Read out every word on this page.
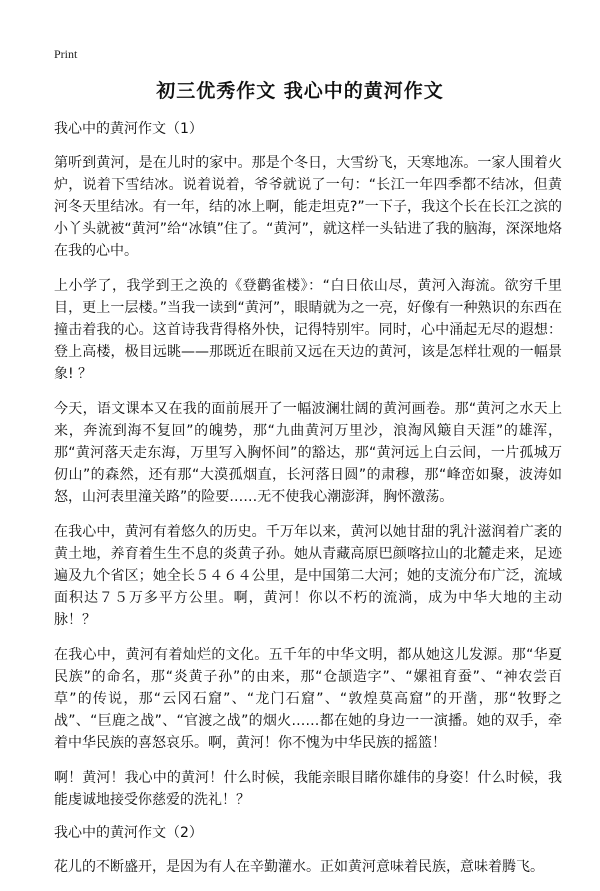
Print
初三优秀作文 我心中的黄河作文

我心中的黄河作文（1）

第听到黄河，是在儿时的家中。那是个冬日，大雪纷飞，天寒地冻。一家人围着火炉，说着下雪结冰。说着说着，爷爷就说了一句：“长江一年四季都不结冰，但黄河冬天里结冰。有一年，结的冰上啊，能走坦克?”一下子，我这个长在长江之滨的小丫头就被“黄河”给“冰镇”住了。“黄河”，就这样一头钻进了我的脑海，深深地烙在我的心中。

上小学了，我学到王之涣的《登鹳雀楼》：“白日依山尽，黄河入海流。欲穷千里目，更上一层楼。”当我一读到“黄河”，眼睛就为之一亮，好像有一种熟识的东西在撞击着我的心。这首诗我背得格外快，记得特别牢。同时，心中涌起无尽的遐想：登上高楼，极目远眺——那既近在眼前又远在天边的黄河，该是怎样壮观的一幅景象! ？

今天，语文课本又在我的面前展开了一幅波澜壮阔的黄河画卷。那“黄河之水天上来，奔流到海不复回”的魄势，那“九曲黄河万里沙，浪淘风簸自天涯”的雄浑，那“黄河落天走东海，万里写入胸怀间”的豁达，那“黄河远上白云间，一片孤城万仞山”的森然，还有那“大漠孤烟直，长河落日圆”的肃穆，那“峰峦如聚，波涛如怒，山河表里潼关路”的险要……无不使我心潮澎湃，胸怀激荡。

在我心中，黄河有着悠久的历史。千万年以来，黄河以她甘甜的乳汁滋润着广袤的黄土地，养育着生生不息的炎黄子孙。她从青藏高原巴颜喀拉山的北麓走来，足迹遍及九个省区；她全长５４６４公里，是中国第二大河；她的支流分布广泛，流域面积达７５万多平方公里。啊，黄河！你以不朽的流淌，成为中华大地的主动脉！？

在我心中，黄河有着灿烂的文化。五千年的中华文明，都从她这儿发源。那“华夏民族”的命名，那“炎黄子孙”的由来，那“仓颉造字”、“嫘祖育蚕”、“神农尝百草”的传说，那“云冈石窟”、“龙门石窟”、“敦煌莫高窟”的开凿，那“牧野之战”、“巨鹿之战”、“官渡之战”的烟火……都在她的身边一一演播。她的双手，牵着中华民族的喜怒哀乐。啊，黄河！你不愧为中华民族的摇篮！

啊！黄河！我心中的黄河！什么时候，我能亲眼目睹你雄伟的身姿！什么时候，我能虔诚地接受你慈爱的洗礼！？

我心中的黄河作文（2）

花儿的不断盛开，是因为有人在辛勤灌水。正如黄河意味着民族，意味着腾飞。
